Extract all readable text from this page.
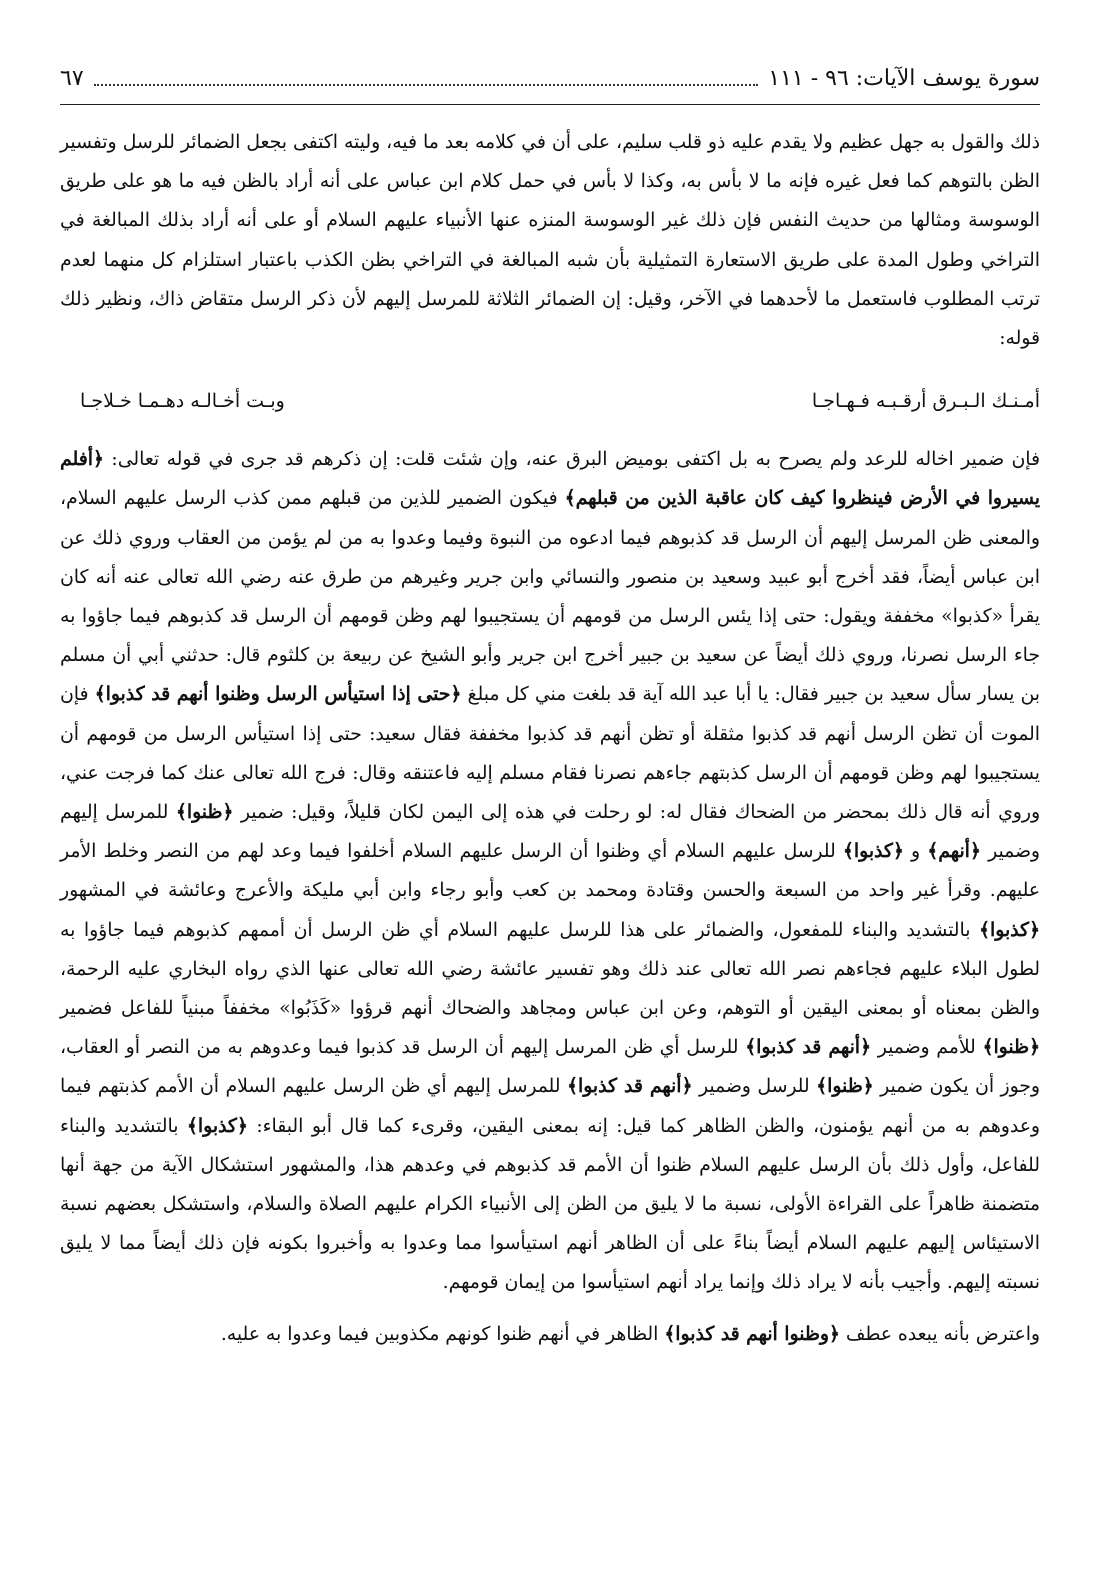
سورة يوسف الآيات: ٩٦ - ١١١
٦٧

ذلك والقول به جهل عظيم ولا يقدم عليه ذو قلب سليم، على أن في كلامه بعد ما فيه، وليته اكتفى بجعل الضمائر للرسل وتفسير الظن بالتوهم كما فعل غيره فإنه ما لا بأس به، وكذا لا بأس في حمل كلام ابن عباس على أنه أراد بالظن فيه ما هو على طريق الوسوسة ومثالها من حديث النفس فإن ذلك غير الوسوسة المنزه عنها الأنبياء عليهم السلام أو على أنه أراد بذلك المبالغة في التراخي وطول المدة على طريق الاستعارة التمثيلية بأن شبه المبالغة في التراخي بظن الكذب باعتبار استلزام كل منهما لعدم ترتب المطلوب فاستعمل ما لأحدهما في الآخر، وقيل: إن الضمائر الثلاثة للمرسل إليهم لأن ذكر الرسل متقاض ذاك، ونظير ذلك قوله:

أمـنـك الـبـرق أرقـبـه فـهـاجـا
وبـت أخـالـه دهـمـا خـلاجـا

فإن ضمير اخاله للرعد ولم يصرح به بل اكتفى بوميض البرق عنه، وإن شئت قلت: إن ذكرهم قد جرى في قوله تعالى: ﴿أفلم يسيروا في الأرض فينظروا كيف كان عاقبة الذين من قبلهم﴾ فيكون الضمير للذين من قبلهم ممن كذب الرسل عليهم السلام، والمعنى ظن المرسل إليهم أن الرسل قد كذبوهم فيما ادعوه من النبوة وفيما وعدوا به من لم يؤمن من العقاب وروي ذلك عن ابن عباس أيضاً، فقد أخرج أبو عبيد وسعيد بن منصور والنسائي وابن جرير وغيرهم من طرق عنه رضي الله تعالى عنه أنه كان يقرأ «كذبوا» مخففة ويقول: حتى إذا يئس الرسل من قومهم أن يستجيبوا لهم وظن قومهم أن الرسل قد كذبوهم فيما جاؤوا به جاء الرسل نصرنا، وروي ذلك أيضاً عن سعيد بن جبير أخرج ابن جرير وأبو الشيخ عن ربيعة بن كلثوم قال: حدثني أبي أن مسلم بن يسار سأل سعيد بن جبير فقال: يا أبا عبد الله آية قد بلغت مني كل مبلغ ﴿حتى إذا استيأس الرسل وظنوا أنهم قد كذبوا﴾ فإن الموت أن تظن الرسل أنهم قد كذبوا مثقلة أو تظن أنهم قد كذبوا مخففة فقال سعيد: حتى إذا استيأس الرسل من قومهم أن يستجيبوا لهم وظن قومهم أن الرسل كذبتهم جاءهم نصرنا فقام مسلم إليه فاعتنقه وقال: فرج الله تعالى عنك كما فرجت عني، وروي أنه قال ذلك بمحضر من الضحاك فقال له: لو رحلت في هذه إلى اليمن لكان قليلاً، وقيل: ضمير ﴿ظنوا﴾ للمرسل إليهم وضمير ﴿أنهم﴾ و ﴿كذبوا﴾ للرسل عليهم السلام أي وظنوا أن الرسل عليهم السلام أخلفوا فيما وعد لهم من النصر وخلط الأمر عليهم. وقرأ غير واحد من السبعة والحسن وقتادة ومحمد بن كعب وأبو رجاء وابن أبي مليكة والأعرج وعائشة في المشهور ﴿كذبوا﴾ بالتشديد والبناء للمفعول، والضمائر على هذا للرسل عليهم السلام أي ظن الرسل أن أممهم كذبوهم فيما جاؤوا به لطول البلاء عليهم فجاءهم نصر الله تعالى عند ذلك وهو تفسير عائشة رضي الله تعالى عنها الذي رواه البخاري عليه الرحمة، والظن بمعناه أو بمعنى اليقين أو التوهم، وعن ابن عباس ومجاهد والضحاك أنهم قرؤوا «كَذَبُوا» مخففاً مبنياً للفاعل فضمير ﴿ظنوا﴾ للأمم وضمير ﴿أنهم قد كذبوا﴾ للرسل أي ظن المرسل إليهم أن الرسل قد كذبوا فيما وعدوهم به من النصر أو العقاب، وجوز أن يكون ضمير ﴿ظنوا﴾ للرسل وضمير ﴿أنهم قد كذبوا﴾ للمرسل إليهم أي ظن الرسل عليهم السلام أن الأمم كذبتهم فيما وعدوهم به من أنهم يؤمنون، والظن الظاهر كما قيل: إنه بمعنى اليقين، وقرىء كما قال أبو البقاء: ﴿كذبوا﴾ بالتشديد والبناء للفاعل، وأول ذلك بأن الرسل عليهم السلام ظنوا أن الأمم قد كذبوهم في وعدهم هذا، والمشهور استشكال الآية من جهة أنها متضمنة ظاهراً على القراءة الأولى، نسبة ما لا يليق من الظن إلى الأنبياء الكرام عليهم الصلاة والسلام، واستشكل بعضهم نسبة الاستيئاس إليهم عليهم السلام أيضاً بناءً على أن الظاهر أنهم استيأسوا مما وعدوا به وأخبروا بكونه فإن ذلك أيضاً مما لا يليق نسبته إليهم. وأجيب بأنه لا يراد ذلك وإنما يراد أنهم استيأسوا من إيمان قومهم.

واعترض بأنه يبعده عطف ﴿وظنوا أنهم قد كذبوا﴾ الظاهر في أنهم ظنوا كونهم مكذوبين فيما وعدوا به عليه.
